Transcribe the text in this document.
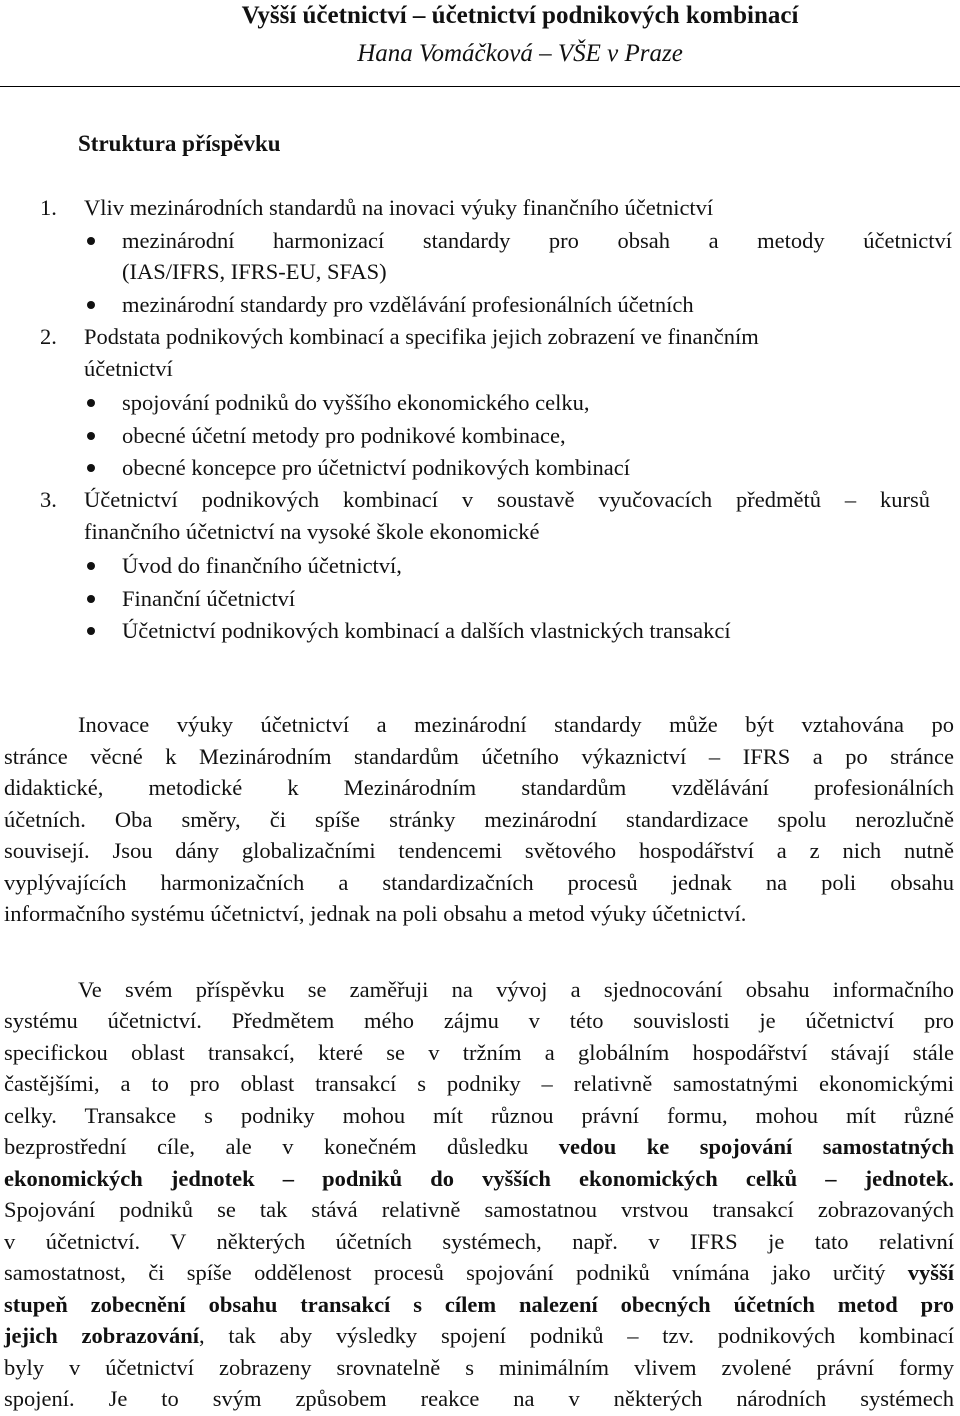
Vyšší účetnictví – účetnictví podnikových kombinací
Hana Vomáčková – VŠE v Praze
Struktura příspěvku
1. Vliv mezinárodních standardů na inovaci výuky finančního účetnictví
mezinárodní harmonizací standardy pro obsah a metody účetnictví
(IAS/IFRS, IFRS-EU, SFAS)
mezinárodní standardy pro vzdělávání profesionálních účetních
2. Podstata podnikových kombinací a specifika jejich zobrazení ve finančním
účetnictví
spojování podniků do vyššího ekonomického celku,
obecné účetní metody pro podnikové kombinace,
obecné koncepce pro účetnictví podnikových kombinací
3. Účetnictví podnikových kombinací v soustavě vyučovacích předmětů – kursů
finančního účetnictví na vysoké škole ekonomické
Úvod do finančního účetnictví,
Finanční účetnictví
Účetnictví podnikových kombinací a dalších vlastnických transakcí
Inovace výuky účetnictví a mezinárodní standardy může být vztahována po
stránce věcné k Mezinárodním standardům účetního výkaznictví – IFRS a po stránce
didaktické, metodické k Mezinárodním standardům vzdělávání profesionálních
účetních. Oba směry, či spíše stránky mezinárodní standardizace spolu nerozlučně
souvisejí. Jsou dány globalizačními tendencemi světového hospodářství a z nich nutně
vyplývajících harmonizačních a standardizačních procesů jednak na poli obsahu
informačního systému účetnictví, jednak na poli obsahu a metod výuky účetnictví.
Ve svém příspěvku se zaměřuji na vývoj a sjednocování obsahu informačního
systému účetnictví. Předmětem mého zájmu v této souvislosti je účetnictví pro
specifickou oblast transakcí, které se v tržním a globálním hospodářství stávají stále
častějšími, a to pro oblast transakcí s podniky – relativně samostatnými ekonomickými
celky. Transakce s podniky mohou mít různou právní formu, mohou mít různé
bezprostřední cíle, ale v konečném důsledku vedou ke spojování samostatných
ekonomických jednotek – podniků do vyšších ekonomických celků – jednotek.
Spojování podniků se tak stává relativně samostatnou vrstvou transakcí zobrazovaných
v účetnictví. V některých účetních systémech, např. v IFRS je tato relativní
samostatnost, či spíše oddělenost procesů spojování podniků vnímána jako určitý vyšší
stupeň zobecnění obsahu transakcí s cílem nalezení obecných účetních metod pro
jejich zobrazování, tak aby výsledky spojení podniků – tzv. podnikových kombinací
byly v účetnictví zobrazeny srovnatelně s minimálním vlivem zvolené právní formy
spojení. Je to svým způsobem reakce na v některých národních systémech
